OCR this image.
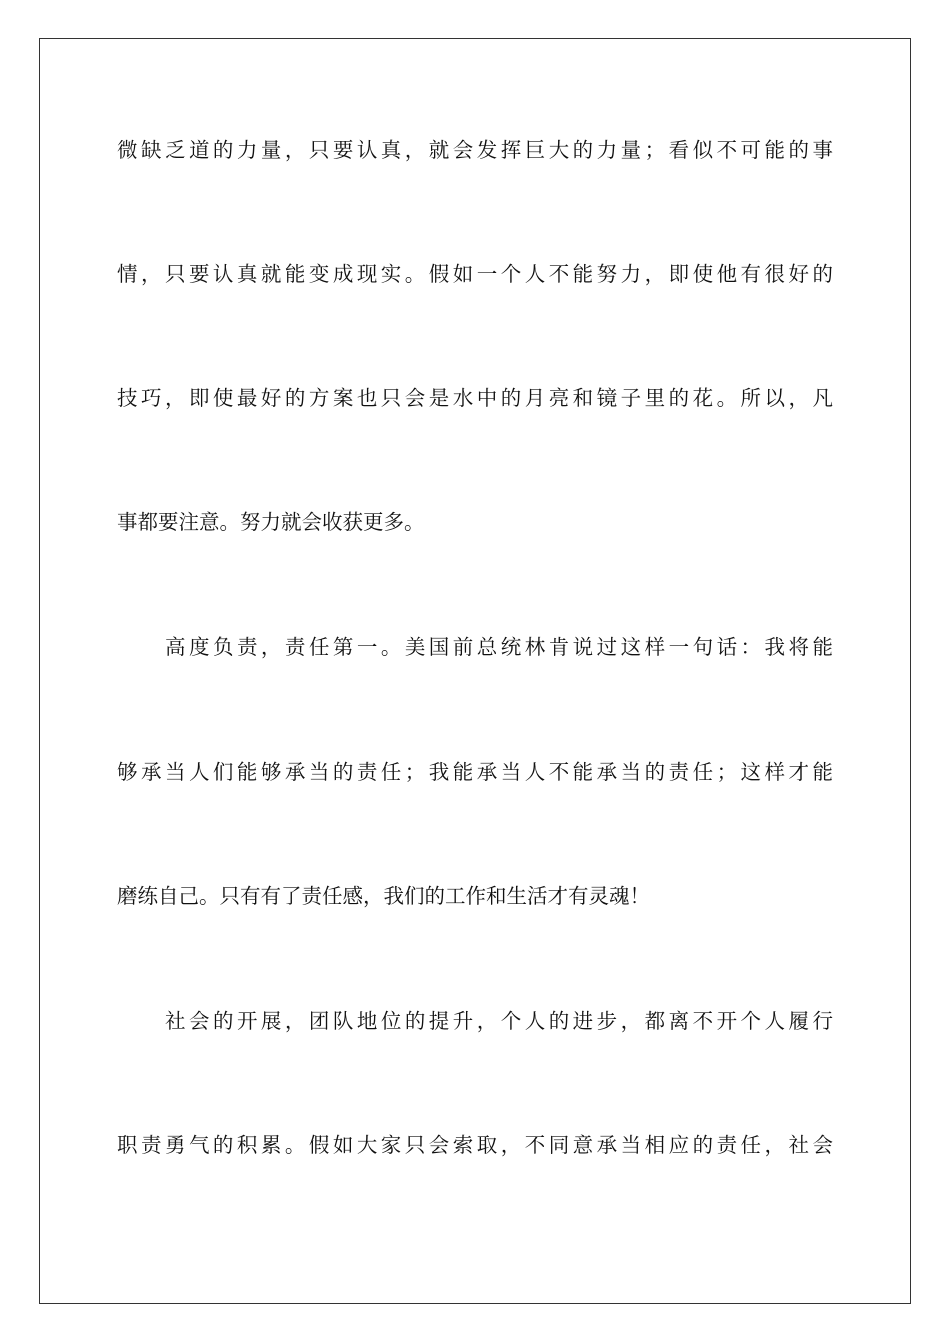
微缺乏道的力量，只要认真，就会发挥巨大的力量；看似不可能的事
情，只要认真就能变成现实。假如一个人不能努力，即使他有很好的
技巧，即使最好的方案也只会是水中的月亮和镜子里的花。所以，凡
事都要注意。努力就会收获更多。
高度负责，责任第一。美国前总统林肯说过这样一句话：我将能
够承当人们能够承当的责任；我能承当人不能承当的责任；这样才能
磨练自己。只有有了责任感，我们的工作和生活才有灵魂！
社会的开展，团队地位的提升，个人的进步，都离不开个人履行
职责勇气的积累。假如大家只会索取，不同意承当相应的责任，社会
